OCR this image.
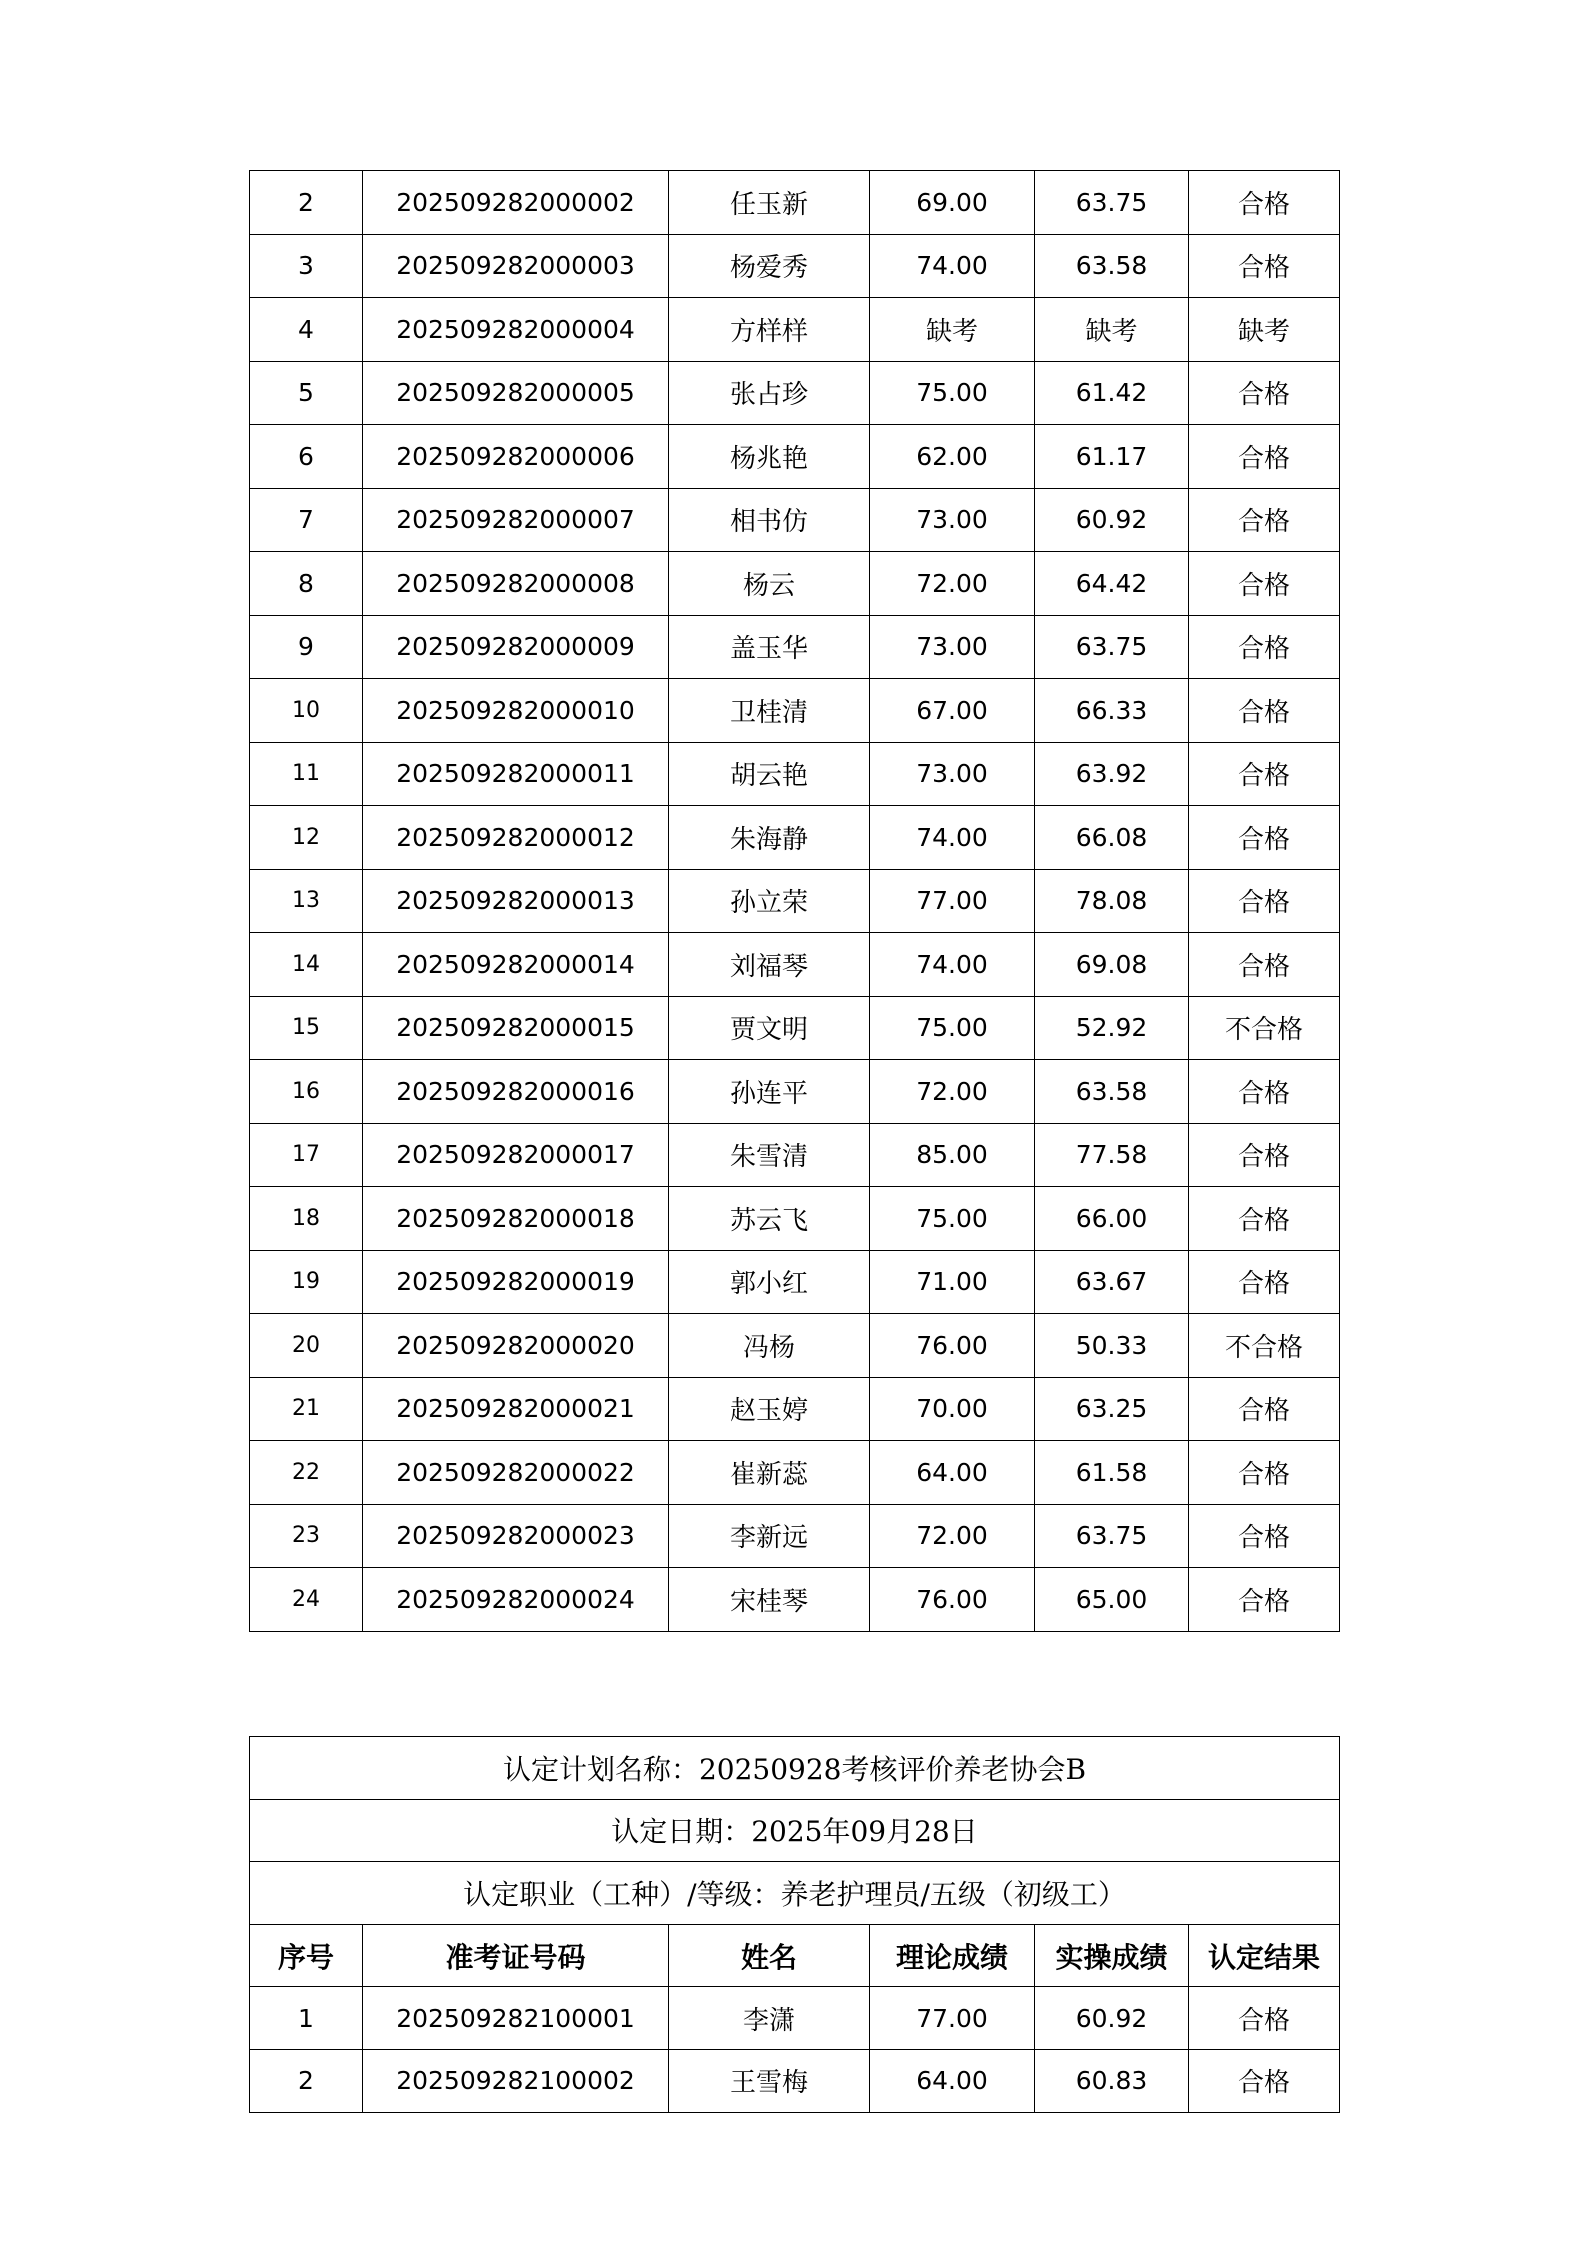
2	202509282000002	任玉新	69.00	63.75	合格
3	202509282000003	杨爱秀	74.00	63.58	合格
4	202509282000004	方样样	缺考	缺考	缺考
5	202509282000005	张占珍	75.00	61.42	合格
6	202509282000006	杨兆艳	62.00	61.17	合格
7	202509282000007	相书仿	73.00	60.92	合格
8	202509282000008	杨云	72.00	64.42	合格
9	202509282000009	盖玉华	73.00	63.75	合格
10	202509282000010	卫桂清	67.00	66.33	合格
11	202509282000011	胡云艳	73.00	63.92	合格
12	202509282000012	朱海静	74.00	66.08	合格
13	202509282000013	孙立荣	77.00	78.08	合格
14	202509282000014	刘福琴	74.00	69.08	合格
15	202509282000015	贾文明	75.00	52.92	不合格
16	202509282000016	孙连平	72.00	63.58	合格
17	202509282000017	朱雪清	85.00	77.58	合格
18	202509282000018	苏云飞	75.00	66.00	合格
19	202509282000019	郭小红	71.00	63.67	合格
20	202509282000020	冯杨	76.00	50.33	不合格
21	202509282000021	赵玉婷	70.00	63.25	合格
22	202509282000022	崔新蕊	64.00	61.58	合格
23	202509282000023	李新远	72.00	63.75	合格
24	202509282000024	宋桂琴	76.00	65.00	合格
认定计划名称：20250928考核评价养老协会B					
认定日期：2025年09月28日					
认定职业（工种）/等级：养老护理员/五级（初级工）					
序号	准考证号码	姓名	理论成绩	实操成绩	认定结果
1	202509282100001	李潇	77.00	60.92	合格
2	202509282100002	王雪梅	64.00	60.83	合格
